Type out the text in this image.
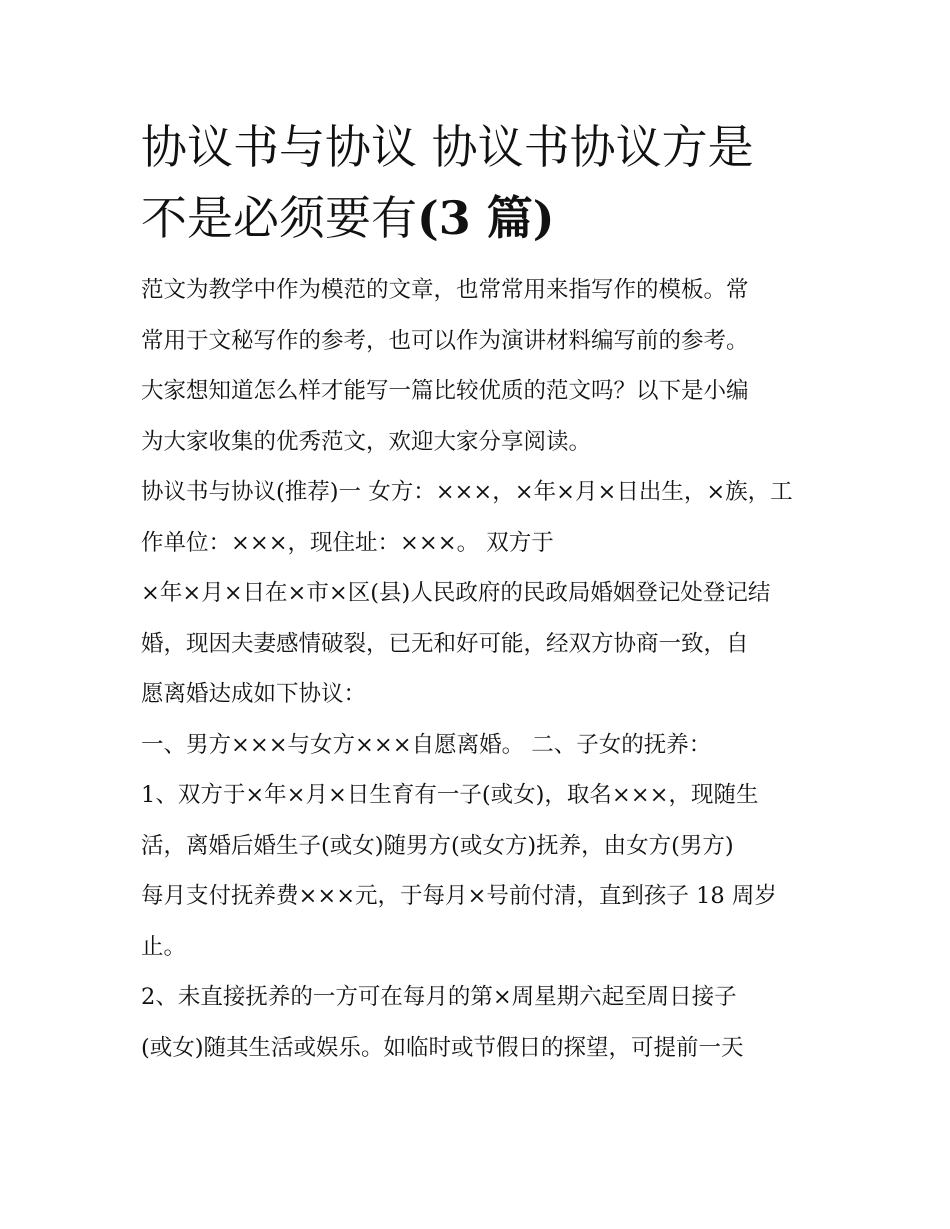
协议书与协议 协议书协议方是
不是必须要有(3 篇)

范文为教学中作为模范的文章，也常常用来指写作的模板。常

常用于文秘写作的参考，也可以作为演讲材料编写前的参考。

大家想知道怎么样才能写一篇比较优质的范文吗？以下是小编

为大家收集的优秀范文，欢迎大家分享阅读。

协议书与协议(推荐)一 女方：×××，×年×月×日出生，×族，工

作单位：×××，现住址：×××。 双方于

×年×月×日在×市×区(县)人民政府的民政局婚姻登记处登记结

婚，现因夫妻感情破裂，已无和好可能，经双方协商一致，自

愿离婚达成如下协议：

一、男方×××与女方×××自愿离婚。 二、子女的抚养：

1、双方于×年×月×日生育有一子(或女)，取名×××，现随生

活，离婚后婚生子(或女)随男方(或女方)抚养，由女方(男方)

每月支付抚养费×××元，于每月×号前付清，直到孩子 18 周岁

止。

2、未直接抚养的一方可在每月的第×周星期六起至周日接子

(或女)随其生活或娱乐。如临时或节假日的探望，可提前一天
